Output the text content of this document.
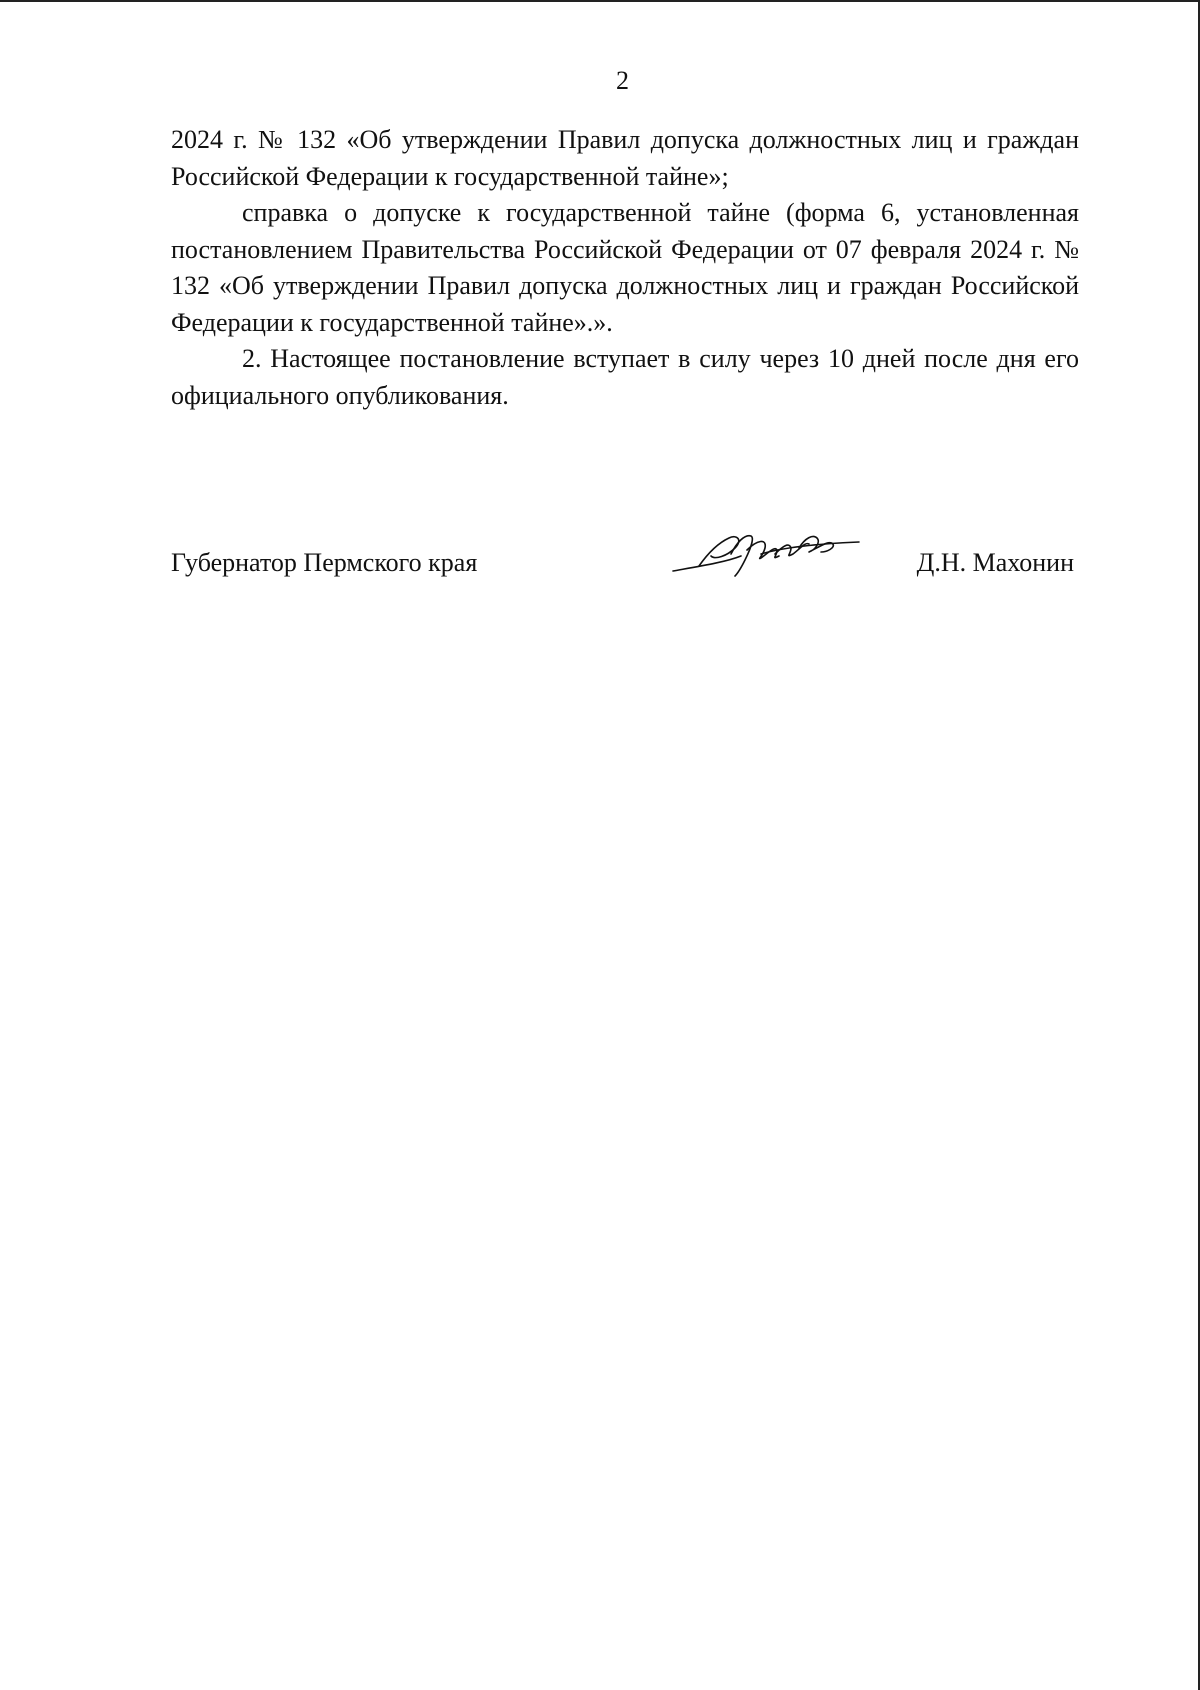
2

2024 г. № 132 «Об утверждении Правил допуска должностных лиц и граждан Российской Федерации к государственной тайне»;

справка о допуске к государственной тайне (форма 6, установленная постановлением Правительства Российской Федерации от 07 февраля 2024 г. № 132 «Об утверждении Правил допуска должностных лиц и граждан Российской Федерации к государственной тайне».».

2. Настоящее постановление вступает в силу через 10 дней после дня его официального опубликования.

Губернатор Пермского края	Д.Н. Махонин
